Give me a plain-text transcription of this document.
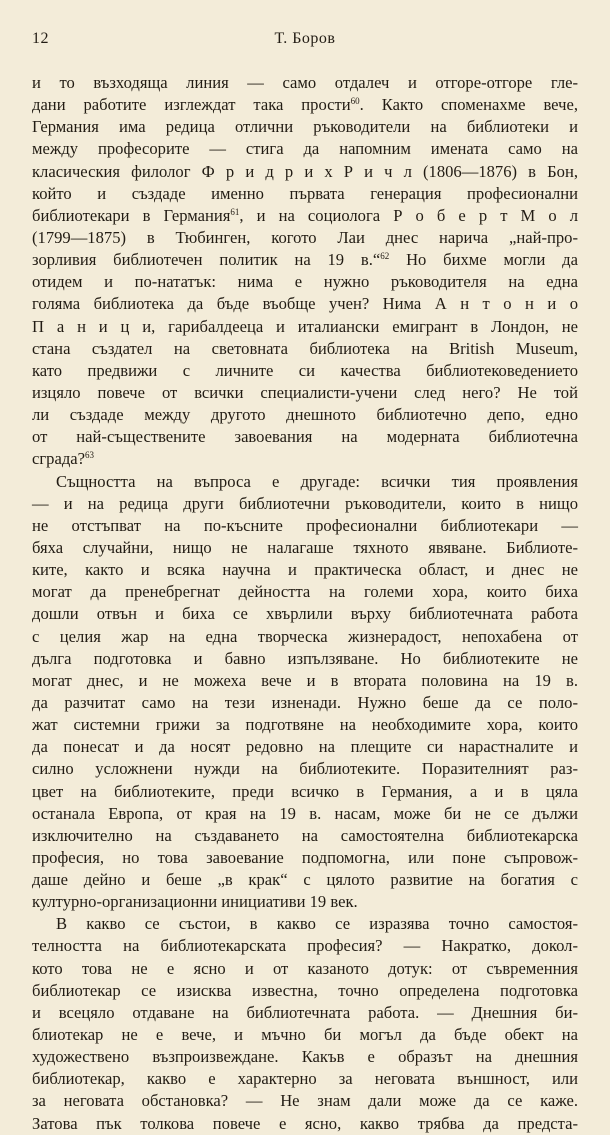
12	Т. Боров
и то възходяща линия — само отдалеч и отгоре-отгоре гле-
дани работите изглеждат така прости$^{60}$. Както споменахме вече,
Германия има редица отлични ръководители на библиотеки и
между професорите — стига да напомним имената само на
класическия филолог Ф р и д р и х Р и ч л (1806—1876) в Бон,
който и създаде именно първата генерация професионални
библиотекари в Германия$^{61}$, и на социолога Р о б е р т М о л
(1799—1875) в Тюбинген, когото Лаи днес нарича „най-про-
зорливия библиотечен политик на 19 в.“$^{62}$ Но бихме могли да
отидем и по-нататък: нима е нужно ръководителя на една
голяма библиотека да бъде въобще учен? Нима А н т о н и о
П а н и ц и, гарибалдееца и италиански емигрант в Лондон, не
стана създател на световната библиотека на British Museum,
като предвижи с личните си качества библиотековедението
изцяло повече от всички специалисти-учени след него? Не той
ли създаде между другото днешното библиотечно депо, едно
от най-съществените завоевания на модерната библиотечна
сграда?$^{63}$
Същността на въпроса е другаде: всички тия проявления
— и на редица други библиотечни ръководители, които в нищо
не отстъпват на по-късните професионални библиотекари —
бяха случайни, нищо не налагаше тяхното явяване. Библиоте-
ките, както и всяка научна и практическа област, и днес не
могат да пренебрегнат дейността на големи хора, които биха
дошли отвън и биха се хвърлили върху библиотечната работа
с целия жар на една творческа жизнерадост, непохабена от
дълга подготовка и бавно изпълзяване. Но библиотеките не
могат днес, и не можеха вече и в втората половина на 19 в.
да разчитат само на тези изненади. Нужно беше да се поло-
жат системни грижи за подготвяне на необходимите хора, които
да понесат и да носят редовно на плещите си нарастналите и
силно усложнени нужди на библиотеките. Поразителният раз-
цвет на библиотеките, преди всичко в Германия, а и в цяла
останала Европа, от края на 19 в. насам, може би не се дължи
изключително на създаването на самостоятелна библиотекарска
професия, но това завоевание подпомогна, или поне съпровож-
даше дейно и беше „в крак“ с цялото развитие на богатия с
културно-организационни инициативи 19 век.
В какво се състои, в какво се изразява точно самостоя-
телността на библиотекарската професия? — Накратко, докол-
кото това не е ясно и от казаното дотук: от съвременния
библиотекар се изисква известна, точно определена подготовка
и всецяло отдаване на библиотечната работа. — Днешния би-
блиотекар не е вече, и мъчно би могъл да бъде обект на
художествено възпроизвеждане. Какъв е образът на днешния
библиотекар, какво е характерно за неговата външност, или
за неговата обстановка? — Не знам дали може да се каже.
Затова пък толкова повече е ясно, какво трябва да предста-
